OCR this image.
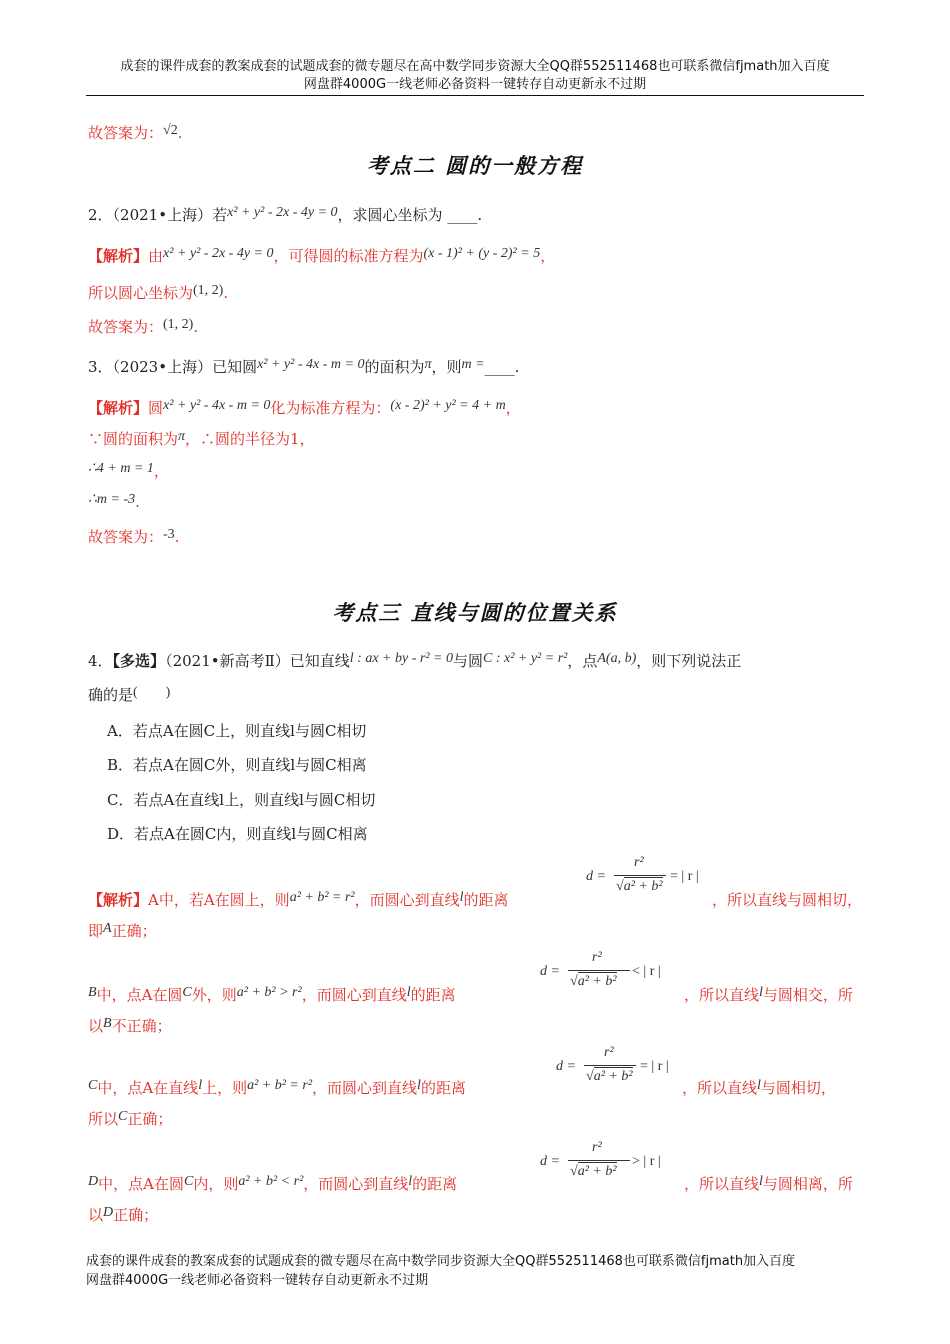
成套的课件成套的教案成套的试题成套的微专题尽在高中数学同步资源大全QQ群552511468也可联系微信fjmath加入百度
网盘群4000G一线老师必备资料一键转存自动更新永不过期
故答案为：√2.
考点二 圆的一般方程
2．（2021•上海）若x² + y² - 2x - 4y = 0，求圆心坐标为 ____.
【解析】由x² + y² - 2x - 4y = 0，可得圆的标准方程为(x - 1)² + (y - 2)² = 5，
所以圆心坐标为(1, 2).
故答案为：(1, 2).
3．（2023•上海）已知圆x² + y² - 4x - m = 0的面积为π，则m =____.
【解析】圆x² + y² - 4x - m = 0化为标准方程为：(x - 2)² + y² = 4 + m，
∵圆的面积为π，∴圆的半径为1，
∴4 + m = 1，
∴m = -3.
故答案为：-3.
考点三 直线与圆的位置关系
4．【多选】（2021•新高考Ⅱ）已知直线l : ax + by - r² = 0与圆C : x² + y² = r²，点A(a, b)，则下列说法正
确的是(　　)
A．若点A在圆C上，则直线l与圆C相切
B．若点A在圆C外，则直线l与圆C相离
C．若点A在直线l上，则直线l与圆C相切
D．若点A在圆C内，则直线l与圆C相离
【解析】A中，若A在圆上，则a² + b² = r²，而圆心到直线l的距离
d =
r²
√a² + b²
= | r |
，所以直线与圆相切，
即A正确；
B中，点A在圆C外，则a² + b² > r²，而圆心到直线l的距离
d =
r²
√a² + b²
< | r |
，所以直线l与圆相交，所
以B不正确；
C中，点A在直线l上，则a² + b² = r²，而圆心到直线l的距离
d =
r²
√a² + b²
= | r |
，所以直线l与圆相切，
所以C正确；
D中，点A在圆C内，则a² + b² < r²，而圆心到直线l的距离
d =
r²
√a² + b²
> | r |
，所以直线l与圆相离，所
以D正确；
成套的课件成套的教案成套的试题成套的微专题尽在高中数学同步资源大全QQ群552511468也可联系微信fjmath加入百度
网盘群4000G一线老师必备资料一键转存自动更新永不过期
